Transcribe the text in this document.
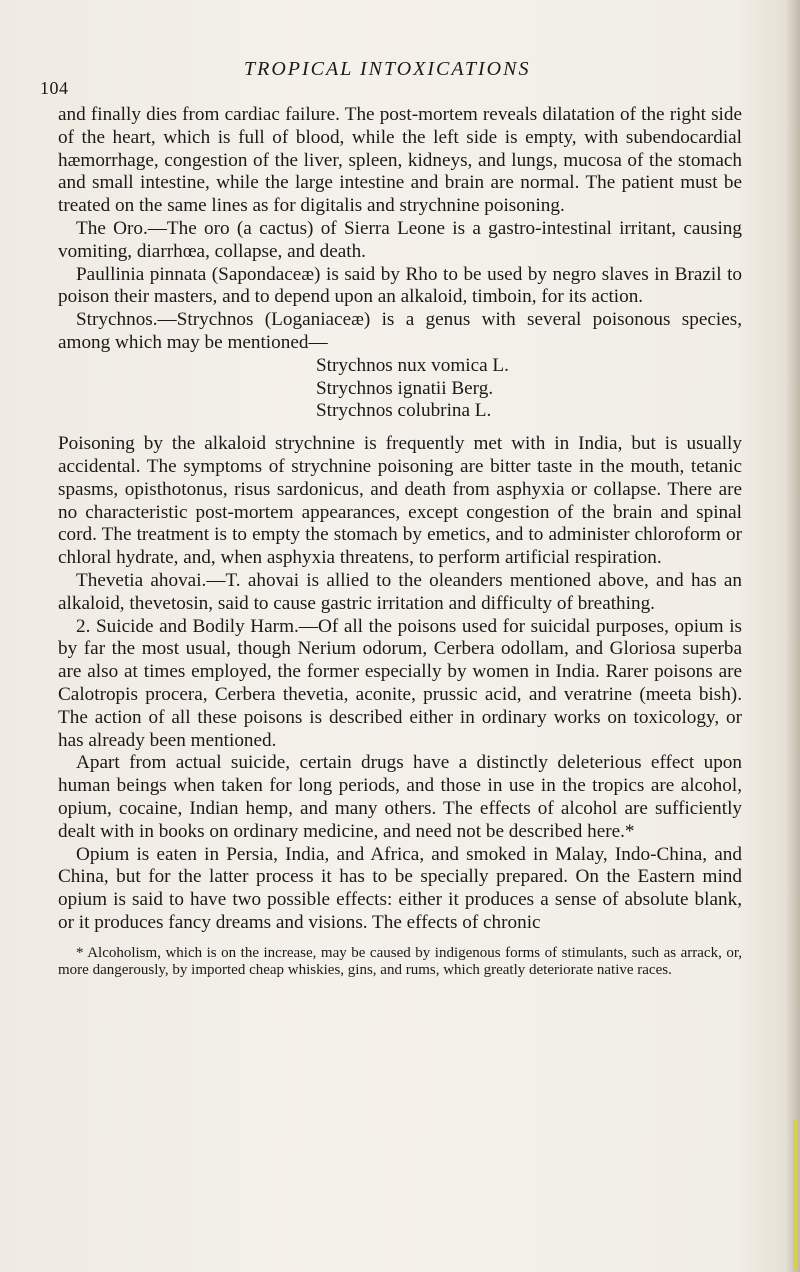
104
TROPICAL INTOXICATIONS
and finally dies from cardiac failure. The post-mortem reveals dilatation of the right side of the heart, which is full of blood, while the left side is empty, with subendocardial hæmorrhage, congestion of the liver, spleen, kidneys, and lungs, mucosa of the stomach and small intestine, while the large intestine and brain are normal. The patient must be treated on the same lines as for digitalis and strychnine poisoning.
The Oro.—The oro (a cactus) of Sierra Leone is a gastro-intestinal irritant, causing vomiting, diarrhœa, collapse, and death.
Paullinia pinnata (Sapondaceæ) is said by Rho to be used by negro slaves in Brazil to poison their masters, and to depend upon an alkaloid, timboin, for its action.
Strychnos.—Strychnos (Loganiaceæ) is a genus with several poisonous species, among which may be mentioned—
Strychnos nux vomica L.
Strychnos ignatii Berg.
Strychnos colubrina L.
Poisoning by the alkaloid strychnine is frequently met with in India, but is usually accidental. The symptoms of strychnine poisoning are bitter taste in the mouth, tetanic spasms, opisthotonus, risus sardonicus, and death from asphyxia or collapse. There are no characteristic post-mortem appearances, except congestion of the brain and spinal cord. The treatment is to empty the stomach by emetics, and to administer chloroform or chloral hydrate, and, when asphyxia threatens, to perform artificial respiration.
Thevetia ahovai.—T. ahovai is allied to the oleanders mentioned above, and has an alkaloid, thevetosin, said to cause gastric irritation and difficulty of breathing.
2. Suicide and Bodily Harm.—Of all the poisons used for suicidal purposes, opium is by far the most usual, though Nerium odorum, Cerbera odollam, and Gloriosa superba are also at times employed, the former especially by women in India. Rarer poisons are Calotropis procera, Cerbera thevetia, aconite, prussic acid, and veratrine (meeta bish). The action of all these poisons is described either in ordinary works on toxicology, or has already been mentioned.
Apart from actual suicide, certain drugs have a distinctly deleterious effect upon human beings when taken for long periods, and those in use in the tropics are alcohol, opium, cocaine, Indian hemp, and many others. The effects of alcohol are sufficiently dealt with in books on ordinary medicine, and need not be described here.*
Opium is eaten in Persia, India, and Africa, and smoked in Malay, Indo-China, and China, but for the latter process it has to be specially prepared. On the Eastern mind opium is said to have two possible effects: either it produces a sense of absolute blank, or it produces fancy dreams and visions. The effects of chronic
* Alcoholism, which is on the increase, may be caused by indigenous forms of stimulants, such as arrack, or, more dangerously, by imported cheap whiskies, gins, and rums, which greatly deteriorate native races.
